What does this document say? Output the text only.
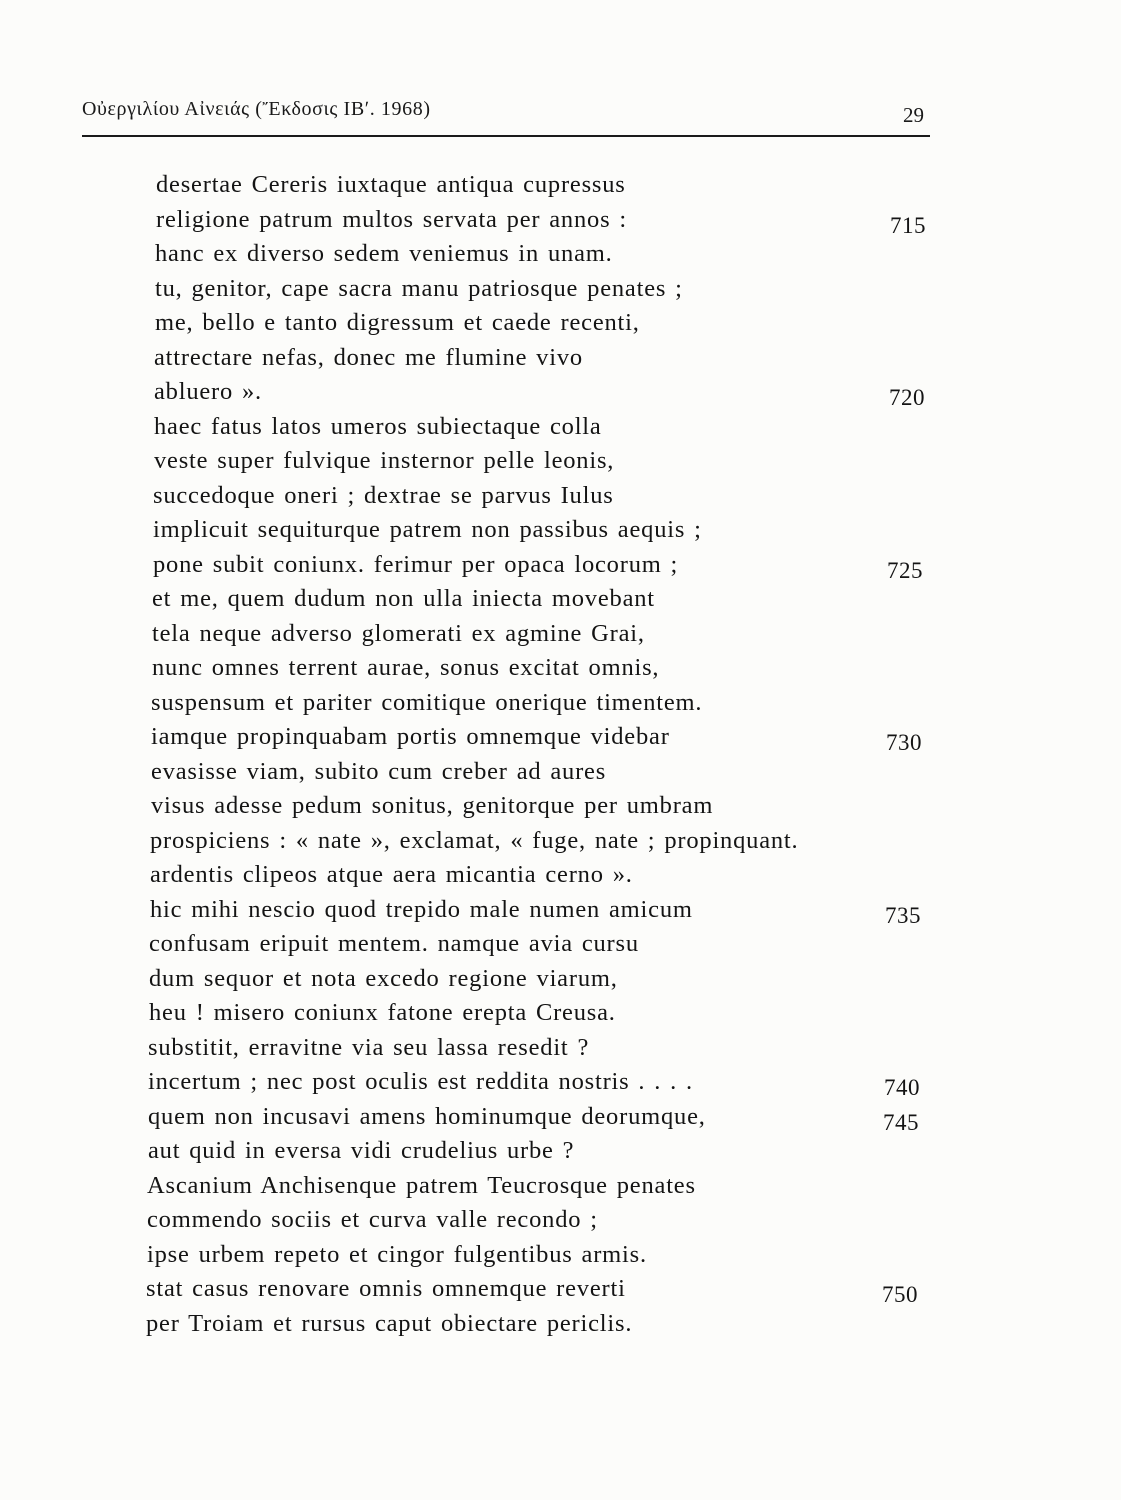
Οὐεργιλίου Αἰνειάς (Ἔκδοσις ΙΒʹ. 1968)	29
desertae Cereris iuxtaque antiqua cupressus
religione patrum multos servata per annos :	715
hanc ex diverso sedem veniemus in unam.
tu, genitor, cape sacra manu patriosque penates ;
me, bello e tanto digressum et caede recenti,
attrectare nefas, donec me flumine vivo
abluero ».	720
haec fatus latos umeros subiectaque colla
veste super fulvique insternor pelle leonis,
succedoque oneri ; dextrae se parvus Iulus
implicuit sequiturque patrem non passibus aequis ;
pone subit coniunx. ferimur per opaca locorum ;	725
et me, quem dudum non ulla iniecta movebant
tela neque adverso glomerati ex agmine Grai,
nunc omnes terrent aurae, sonus excitat omnis,
suspensum et pariter comitique onerique timentem.
iamque propinquabam portis omnemque videbar	730
evasisse viam, subito cum creber ad aures
visus adesse pedum sonitus, genitorque per umbram
prospiciens : « nate », exclamat, « fuge, nate ; propinquant.
ardentis clipeos atque aera micantia cerno ».
hic mihi nescio quod trepido male numen amicum	735
confusam eripuit mentem. namque avia cursu
dum sequor et nota excedo regione viarum,
heu ! misero coniunx fatone erepta Creusa.
substitit, erravitne via seu lassa resedit ?
incertum ; nec post oculis est reddita nostris . . . .	740
quem non incusavi amens hominumque deorumque,	745
aut quid in eversa vidi crudelius urbe ?
Ascanium Anchisenque patrem Teucrosque penates
commendo sociis et curva valle recondo ;
ipse urbem repeto et cingor fulgentibus armis.
stat casus renovare omnis omnemque reverti	750
per Troiam et rursus caput obiectare periclis.
